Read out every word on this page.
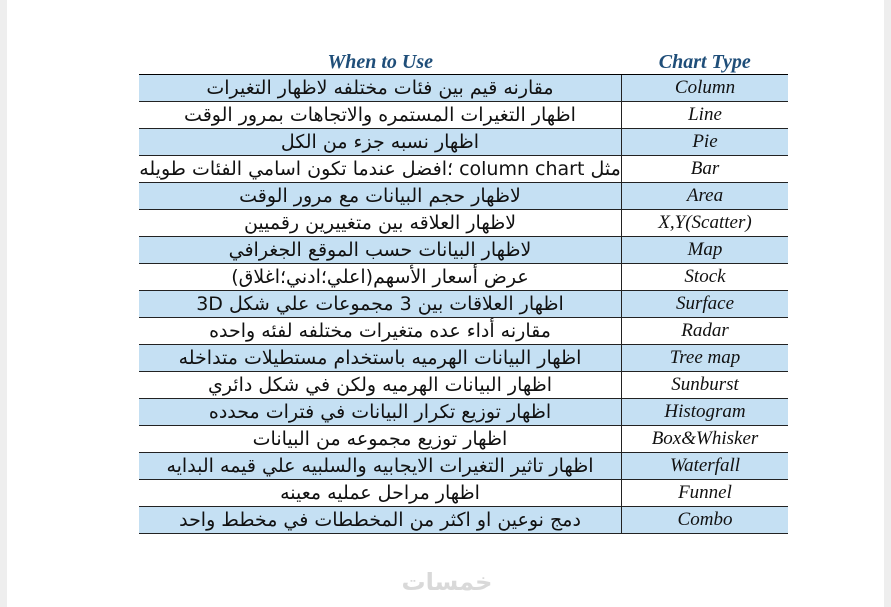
When to Use	Chart Type
مقارنه قيم بين فئات مختلفه لاظهار التغيرات	Column
اظهار التغيرات المستمره والاتجاهات بمرور الوقت	Line
اظهار نسبه جزء من الكل	Pie
مثل column chart ؛افضل عندما تكون اسامي الفئات طويله	Bar
لاظهار حجم البيانات مع مرور الوقت	Area
لاظهار العلاقه بين متغييرين رقميين	X,Y(Scatter)
لاظهار البيانات حسب الموقع الجغرافي	Map
عرض أسعار الأسهم(اعلي؛ادني؛اغلاق)	Stock
اظهار العلاقات بين 3 مجموعات علي شكل 3D	Surface
مقارنه أداء عده متغيرات مختلفه لفئه واحده	Radar
اظهار البيانات الهرميه باستخدام مستطيلات متداخله	Tree map
اظهار البيانات الهرميه ولكن في شكل دائري	Sunburst
اظهار توزيع تكرار البيانات في فترات محدده	Histogram
اظهار توزيع مجموعه من البيانات	Box&Whisker
اظهار تاثير التغيرات الايجابيه والسلبيه علي قيمه البدايه	Waterfall
اظهار مراحل عمليه معينه	Funnel
دمج نوعين او اكثر من المخططات في مخطط واحد	Combo
خمسات
